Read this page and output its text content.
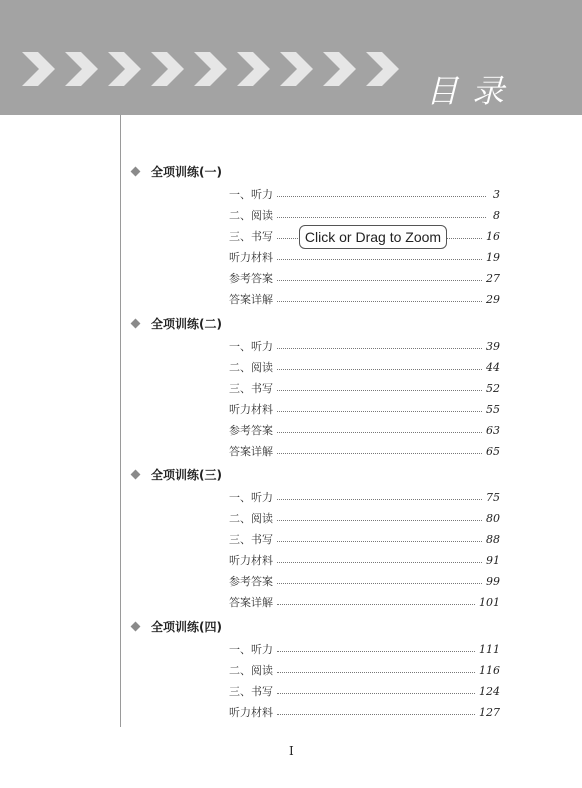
目录
全项训练(一)
一、听力	3
二、阅读	8
三、书写	16
听力材料	19
参考答案	27
答案详解	29
全项训练(二)
一、听力	39
二、阅读	44
三、书写	52
听力材料	55
参考答案	63
答案详解	65
全项训练(三)
一、听力	75
二、阅读	80
三、书写	88
听力材料	91
参考答案	99
答案详解	101
全项训练(四)
一、听力	111
二、阅读	116
三、书写	124
听力材料	127
Click or Drag to Zoom
I
